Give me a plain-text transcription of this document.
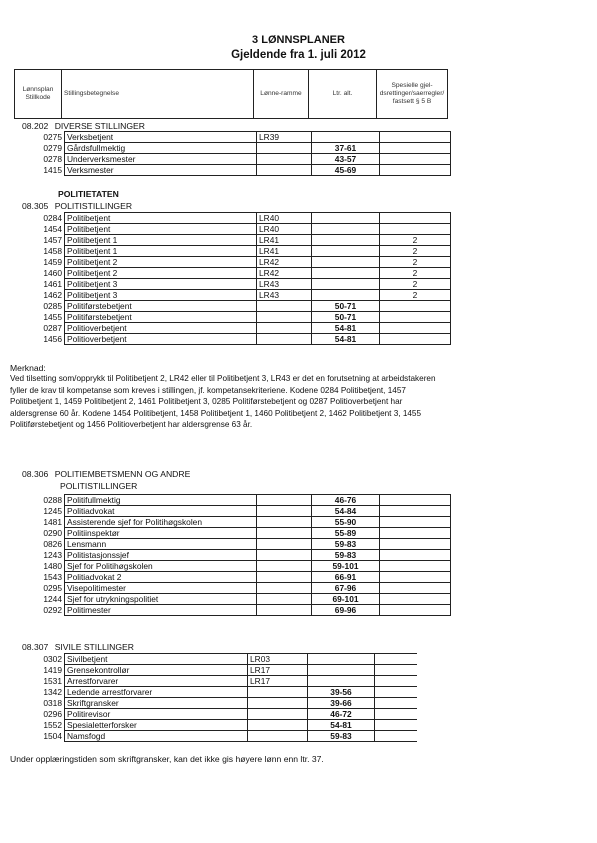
3 LØNNSPLANER
Gjeldende fra 1. juli 2012
Lønnsplan Stillkode	Stillingsbetegnelse	Lønne-ramme	Ltr. alt.	Spesielle gjel-dsrettinger/saerregler/ fastsett § 5 B
08.202 DIVERSE STILLINGER
0275	Verksbetjent	LR39		
0279	Gårdsfullmektig		37-61	
0278	Underverksmester		43-57	
1415	Verksmester		45-69	
POLITIETATEN
08.305 POLITISTILLINGER
0284	Politibetjent	LR40		
1454	Politibetjent	LR40		
1457	Politibetjent 1	LR41		2
1458	Politibetjent 1	LR41		2
1459	Politibetjent 2	LR42		2
1460	Politibetjent 2	LR42		2
1461	Politibetjent 3	LR43		2
1462	Politibetjent 3	LR43		2
0285	Politiførstebetjent		50-71	
1455	Politiførstebetjent		50-71	
0287	Politioverbetjent		54-81	
1456	Politioverbetjent		54-81	
Merknad:
Ved tilsetting som/opprykk til Politibetjent 2, LR42 eller til Politibetjent 3, LR43 er det en forutsetning at arbeidstakeren fyller de krav til kompetanse som kreves i stillingen, jf. kompetansekriteriene. Kodene 0284 Politibetjent, 1457 Politibetjent 1, 1459 Politibetjent 2, 1461 Politibetjent 3, 0285 Politiførstebetjent og 0287 Politioverbetjent har aldersgrense 60 år. Kodene 1454 Politibetjent, 1458 Politibetjent 1, 1460 Politibetjent 2, 1462 Politibetjent 3, 1455 Politiførstebetjent og 1456 Politioverbetjent har aldersgrense 63 år.
08.306 POLITIEMBETSMENN OG ANDRE
POLITISTILLINGER
0288	Politifullmektig		46-76	
1245	Politiadvokat		54-84	
1481	Assisterende sjef for Politihøgskolen		55-90	
0290	Politiinspektør		55-89	
0826	Lensmann		59-83	
1243	Politistasjonssjef		59-83	
1480	Sjef for Politihøgskolen		59-101	
1543	Politiadvokat 2		66-91	
0295	Visepolitimester		67-96	
1244	Sjef for utrykningspolitiet		69-101	
0292	Politimester		69-96	
08.307 SIVILE STILLINGER
0302	Sivilbetjent	LR03		
1419	Grensekontrollør	LR17		
1531	Arrestforvarer	LR17		
1342	Ledende arrestforvarer		39-56	
0318	Skriftgransker		39-66	
0296	Politirevisor		46-72	
1552	Spesialetterforsker		54-81	
1504	Namsfogd		59-83	
Under opplæringstiden som skriftgransker, kan det ikke gis høyere lønn enn ltr. 37.
